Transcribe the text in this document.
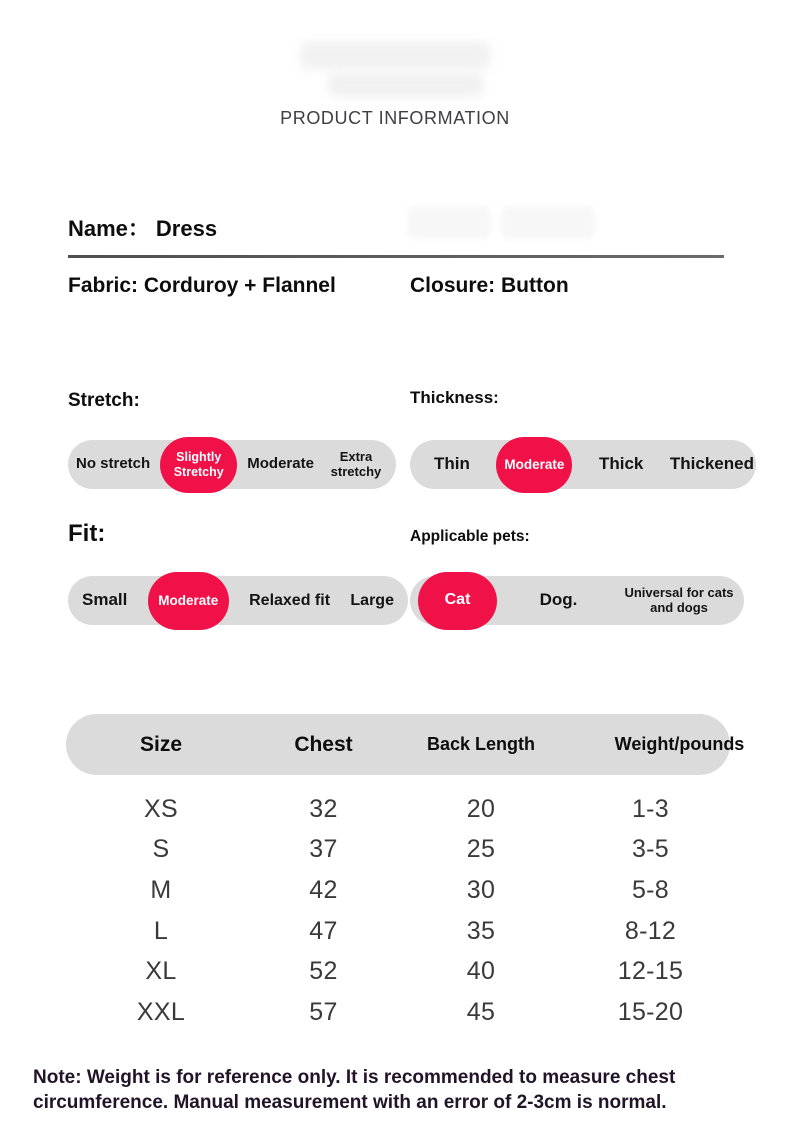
PRODUCT INFORMATION
Name： Dress
Fabric: Corduroy + Flannel	Closure: Button
Stretch:
No stretch	Slightly Stretchy	Moderate	Extra stretchy
Thickness:
Thin	Moderate	Thick Thickened
Fit:
Small	Moderate	Relaxed fit Large
Applicable pets:
Cat	Dog.	Universal for cats and dogs
Size	Chest	Back Length	Weight/pounds
XS	32	20	1-3
S	37	25	3-5
M	42	30	5-8
L	47	35	8-12
XL	52	40	12-15
XXL	57	45	15-20
Note: Weight is for reference only. It is recommended to measure chest circumference. Manual measurement with an error of 2-3cm is normal.
